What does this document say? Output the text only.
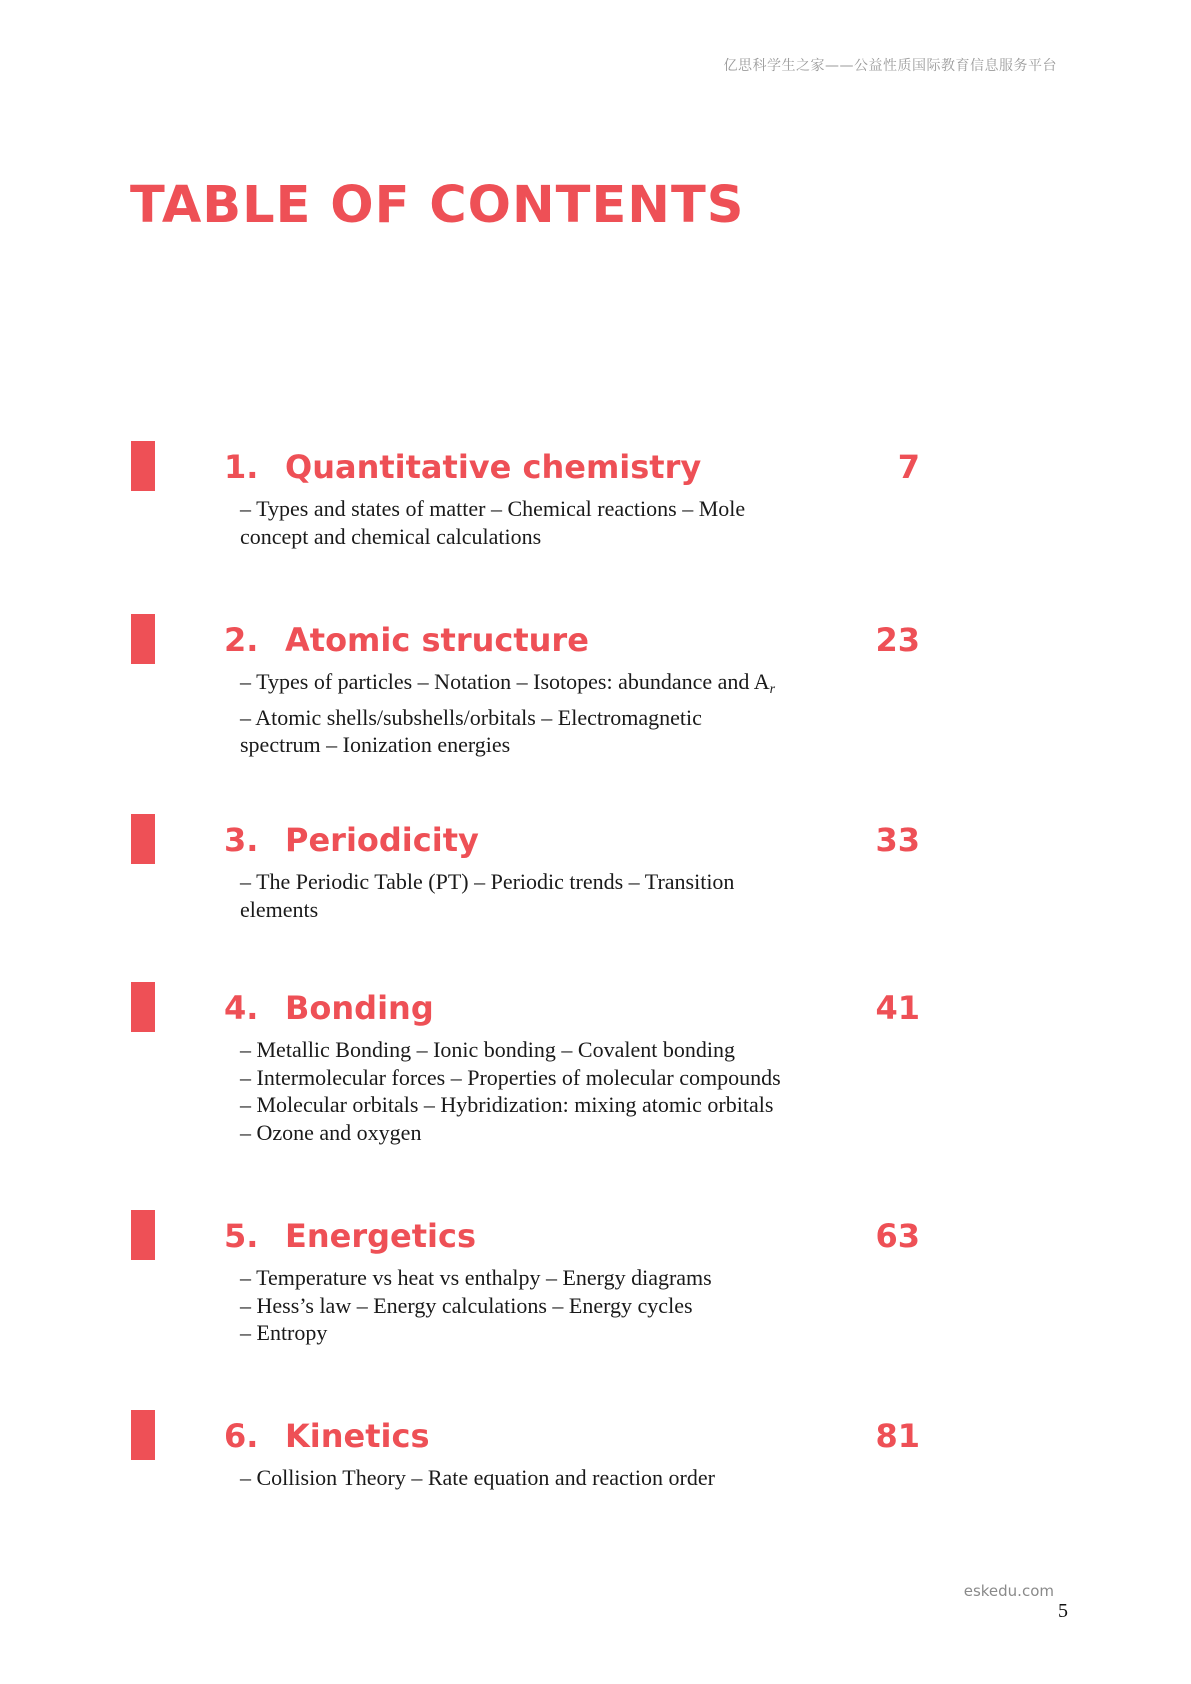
亿思科学生之家——公益性质国际教育信息服务平台
TABLE OF CONTENTS
1. Quantitative chemistry	7
– Types and states of matter – Chemical reactions – Mole
concept and chemical calculations
2. Atomic structure	23
– Types of particles – Notation – Isotopes: abundance and $A_r$
– Atomic shells/subshells/orbitals – Electromagnetic
spectrum – Ionization energies
3. Periodicity	33
– The Periodic Table (PT) – Periodic trends – Transition
elements
4. Bonding	41
– Metallic Bonding – Ionic bonding – Covalent bonding
– Intermolecular forces – Properties of molecular compounds
– Molecular orbitals – Hybridization: mixing atomic orbitals
– Ozone and oxygen
5. Energetics	63
– Temperature vs heat vs enthalpy – Energy diagrams
– Hess’s law – Energy calculations – Energy cycles
– Entropy
6. Kinetics	81
– Collision Theory – Rate equation and reaction order
eskedu.com
5
